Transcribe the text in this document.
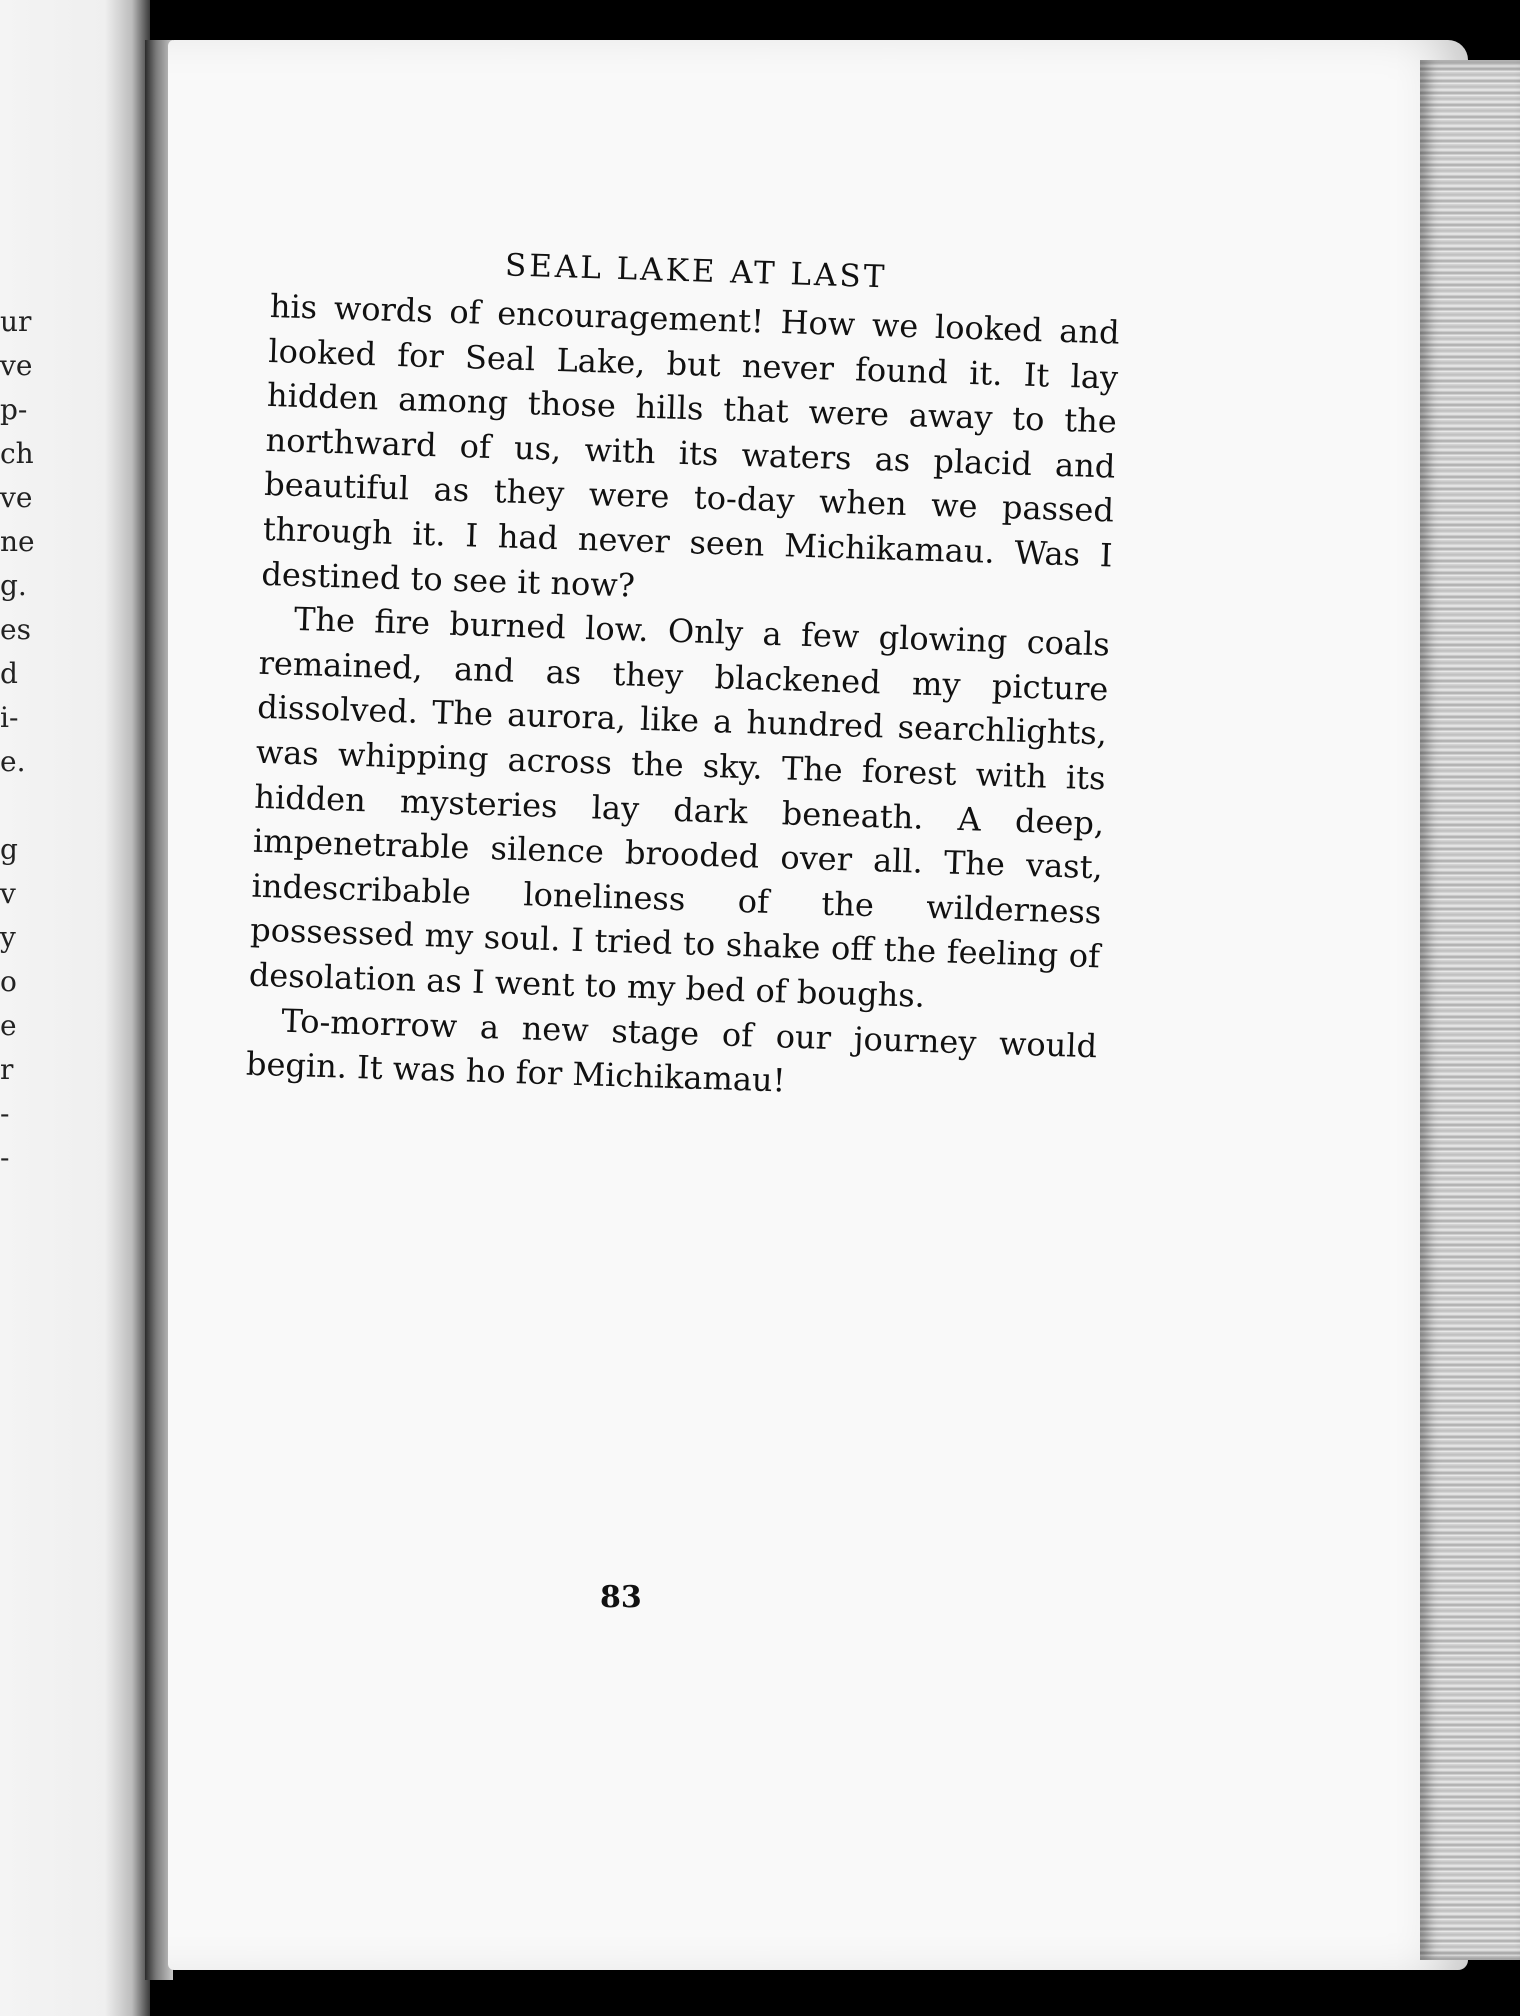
ur
ve
p-
ch
ve
ne
g.
es
d
i-
e.

g
v
y
o
e
r
-
-
SEAL LAKE AT LAST

his words of encouragement! How we looked and looked for Seal Lake, but never found it. It lay hidden among those hills that were away to the northward of us, with its waters as placid and beautiful as they were to-day when we passed through it. I had never seen Michikamau. Was I destined to see it now?

The fire burned low. Only a few glowing coals remained, and as they blackened my picture dissolved. The aurora, like a hundred searchlights, was whipping across the sky. The forest with its hidden mysteries lay dark beneath. A deep, impenetrable silence brooded over all. The vast, indescribable loneliness of the wilderness possessed my soul. I tried to shake off the feeling of desolation as I went to my bed of boughs.

To-morrow a new stage of our journey would begin. It was ho for Michikamau!

83
